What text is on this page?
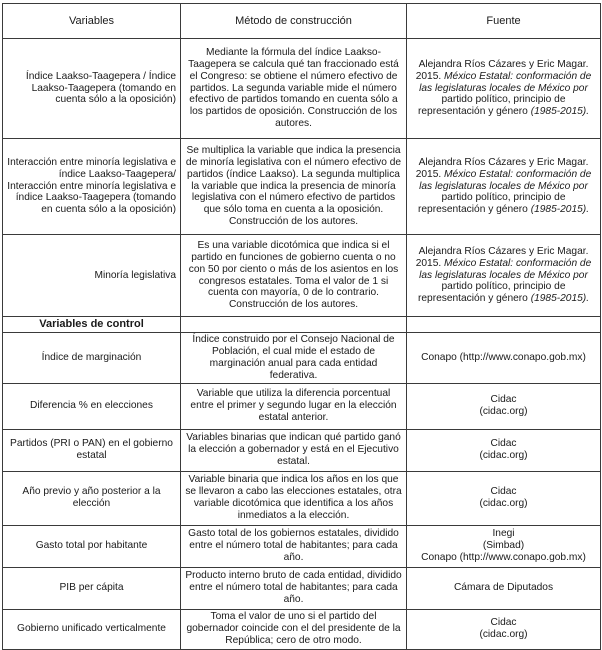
Variables	Método de construcción	Fuente
Índice Laakso-Taagepera / Índice Laakso-Taagepera (tomando en cuenta sólo a la oposición)	Mediante la fórmula del índice Laakso-Taagepera se calcula qué tan fraccionado está el Congreso: se obtiene el número efectivo de partidos. La segunda variable mide el número efectivo de partidos tomando en cuenta sólo a los partidos de oposición. Construcción de los autores.	Alejandra Ríos Cázares y Eric Magar. 2015. México Estatal: conformación de las legislaturas locales de México por partido político, principio de representación y género (1985-2015).
Interacción entre minoría legislativa e índice Laakso-Taagepera/ Interacción entre minoría legislativa e índice Laakso-Taagepera (tomando en cuenta sólo a la oposición)	Se multiplica la variable que indica la presencia de minoría legislativa con el número efectivo de partidos (índice Laakso). La segunda multiplica la variable que indica la presencia de minoría legislativa con el número efectivo de partidos que sólo toma en cuenta a la oposición. Construcción de los autores.	Alejandra Ríos Cázares y Eric Magar. 2015. México Estatal: conformación de las legislaturas locales de México por partido político, principio de representación y género (1985-2015).
Minoría legislativa	Es una variable dicotómica que indica si el partido en funciones de gobierno cuenta o no con 50 por ciento o más de los asientos en los congresos estatales. Toma el valor de 1 si cuenta con mayoría, 0 de lo contrario. Construcción de los autores.	Alejandra Ríos Cázares y Eric Magar. 2015. México Estatal: conformación de las legislaturas locales de México por partido político, principio de representación y género (1985-2015).
Variables de control		
Índice de marginación	Índice construido por el Consejo Nacional de Población, el cual mide el estado de marginación anual para cada entidad federativa.	Conapo (http://www.conapo.gob.mx)
Diferencia % en elecciones	Variable que utiliza la diferencia porcentual entre el primer y segundo lugar en la elección estatal anterior.	Cidac
(cidac.org)

Partidos (PRI o PAN) en el gobierno estatal	Variables binarias que indican qué partido ganó la elección a gobernador y está en el Ejecutivo estatal.	Cidac
(cidac.org)

Año previo y año posterior a la elección	Variable binaria que indica los años en los que se llevaron a cabo las elecciones estatales, otra variable dicotómica que identifica a los años inmediatos a la elección.	Cidac
(cidac.org)

Gasto total por habitante	Gasto total de los gobiernos estatales, dividido entre el número total de habitantes; para cada año.	Inegi
(Simbad)
Conapo (http://www.conapo.gob.mx)

PIB per cápita	Producto interno bruto de cada entidad, dividido entre el número total de habitantes; para cada año.	Cámara de Diputados
Gobierno unificado verticalmente	Toma el valor de uno si el partido del gobernador coincide con el del presidente de la República; cero de otro modo.	Cidac
(cidac.org)
